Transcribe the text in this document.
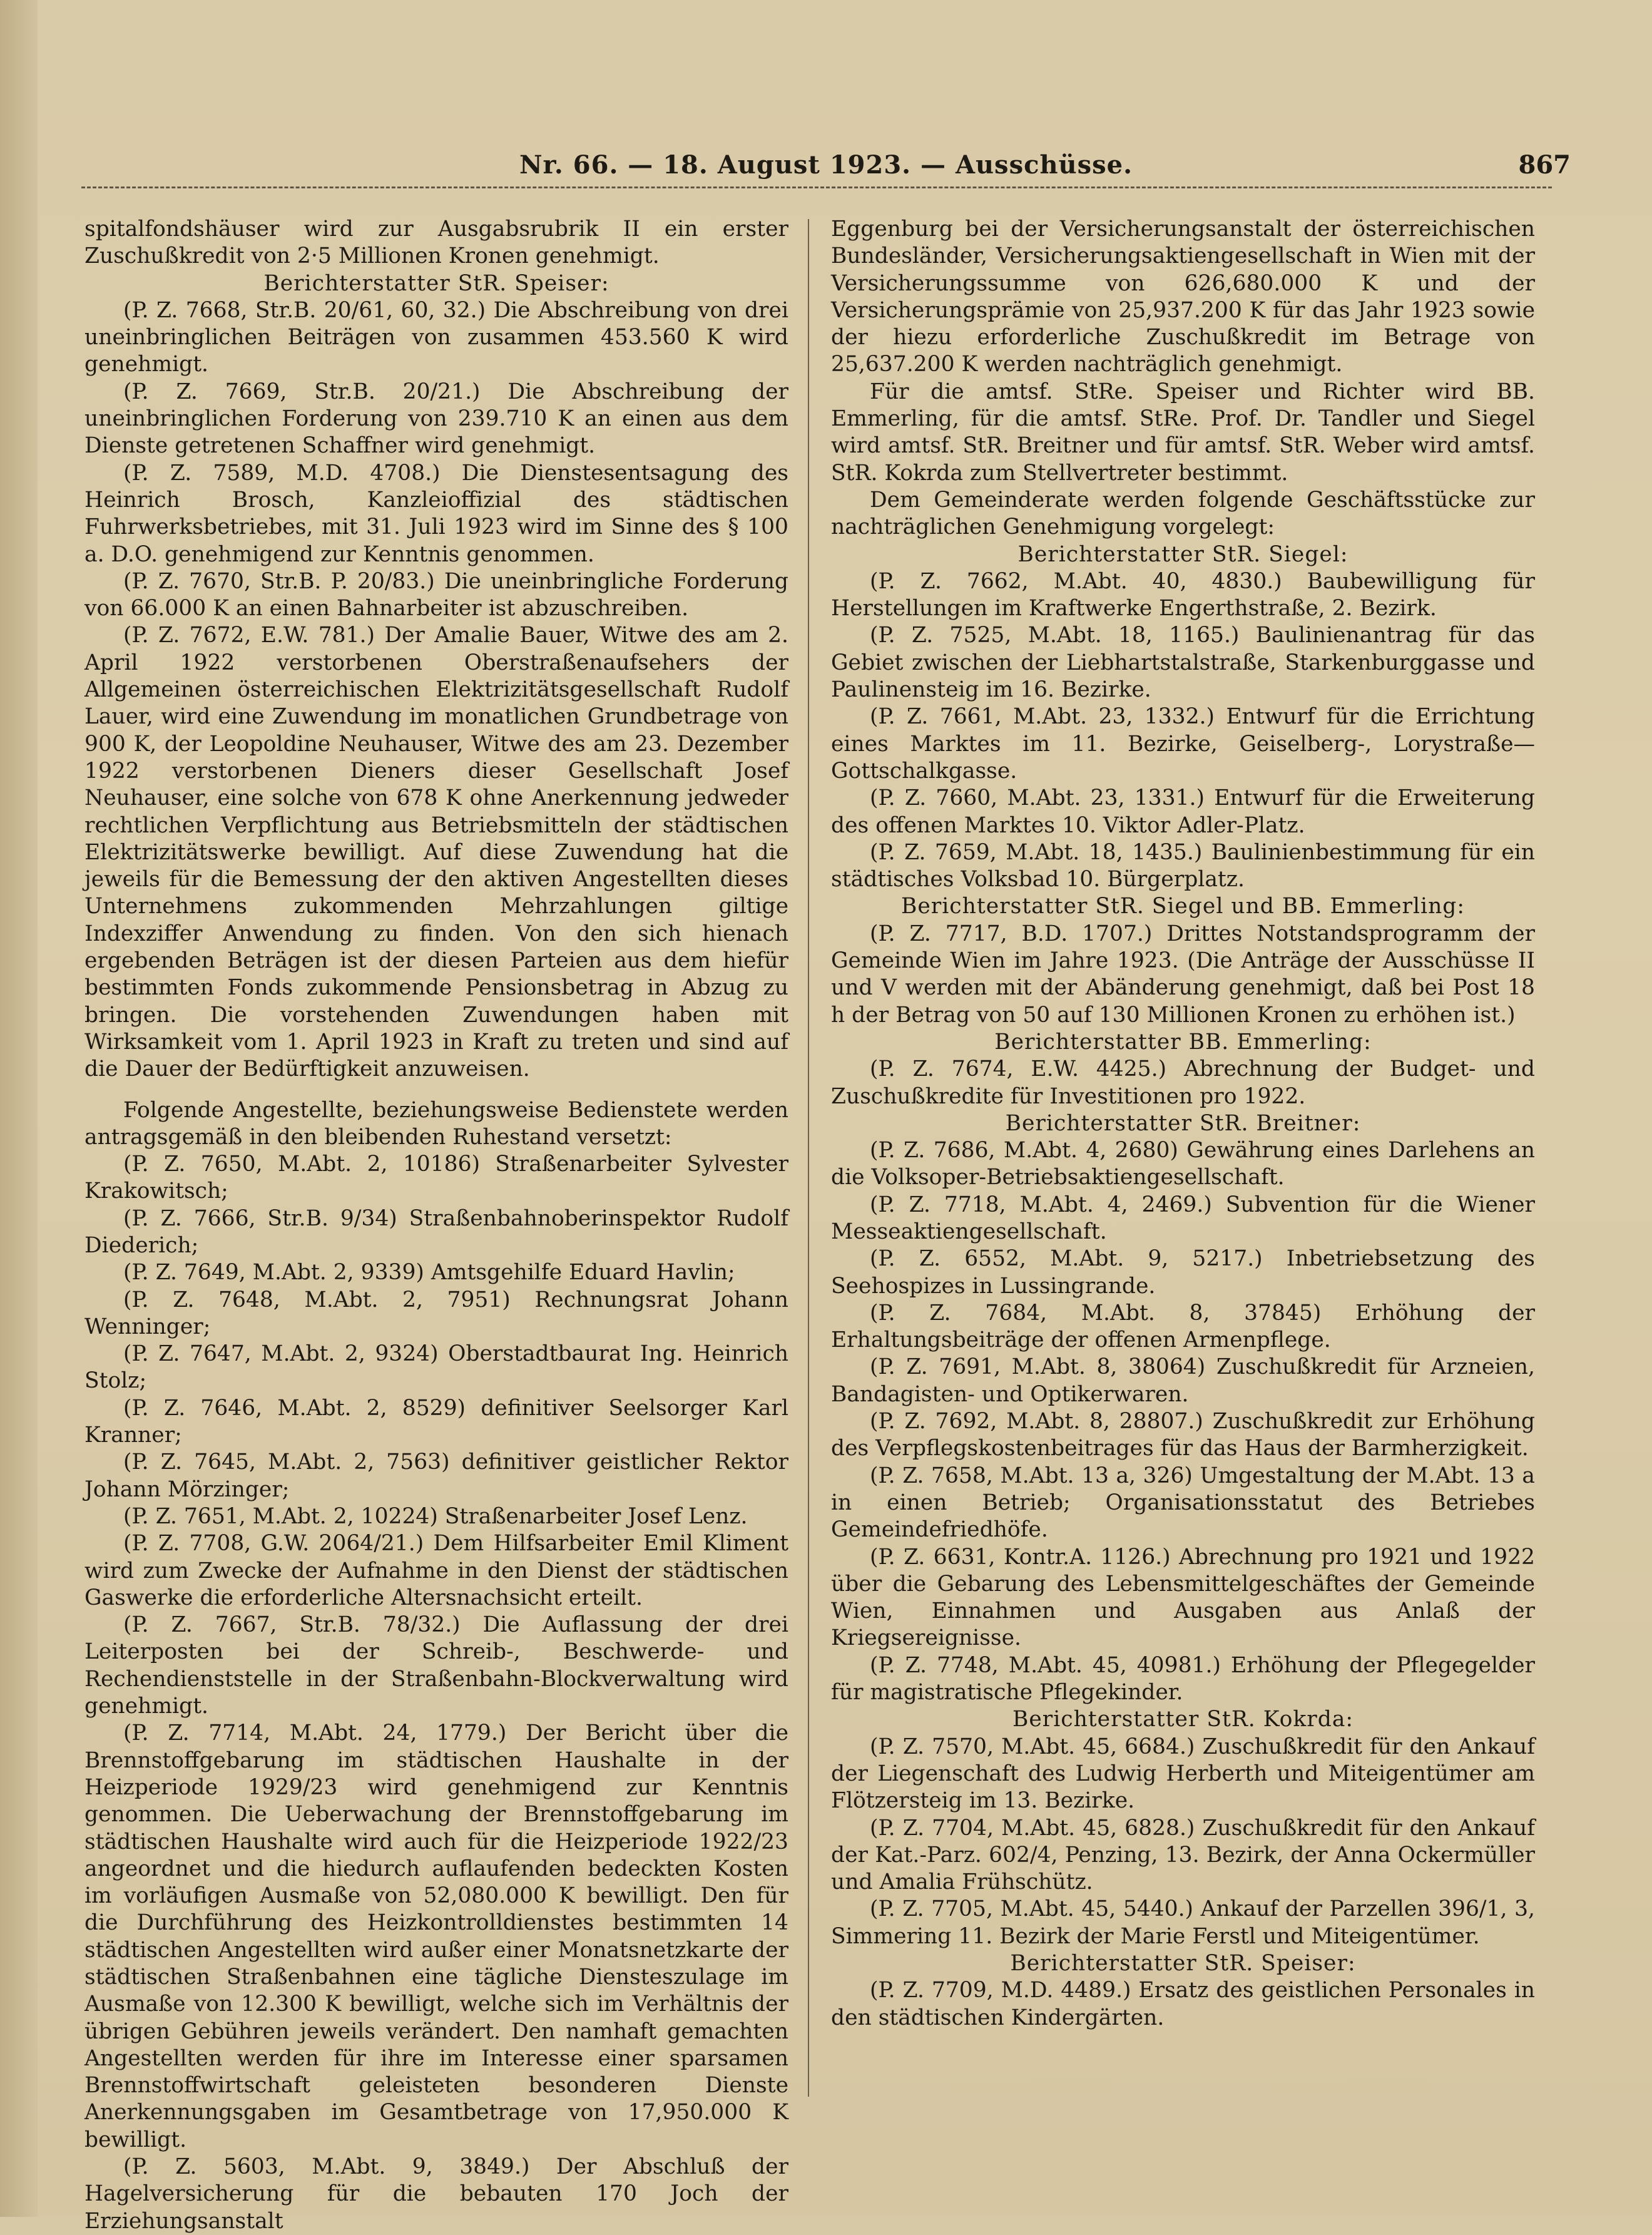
Nr. 66. — 18. August 1923. — Ausschüsse.	867

spitalfondshäuser wird zur Ausgabsrubrik II ein erster Zuschußkredit von 2·5 Millionen Kronen genehmigt.

Berichterstatter StR. Speiser:

(P. Z. 7668, Str.B. 20/61, 60, 32.) Die Abschreibung von drei uneinbringlichen Beiträgen von zusammen 453.560 K wird genehmigt.

(P. Z. 7669, Str.B. 20/21.) Die Abschreibung der uneinbringlichen Forderung von 239.710 K an einen aus dem Dienste getretenen Schaffner wird genehmigt.

(P. Z. 7589, M.D. 4708.) Die Dienstesentsagung des Heinrich Brosch, Kanzleioffizial des städtischen Fuhrwerksbetriebes, mit 31. Juli 1923 wird im Sinne des § 100 a. D.O. genehmigend zur Kenntnis genommen.

(P. Z. 7670, Str.B. P. 20/83.) Die uneinbringliche Forderung von 66.000 K an einen Bahnarbeiter ist abzuschreiben.

(P. Z. 7672, E.W. 781.) Der Amalie Bauer, Witwe des am 2. April 1922 verstorbenen Oberstraßenaufsehers der Allgemeinen österreichischen Elektrizitätsgesellschaft Rudolf Lauer, wird eine Zuwendung im monatlichen Grundbetrage von 900 K, der Leopoldine Neuhauser, Witwe des am 23. Dezember 1922 verstorbenen Dieners dieser Gesellschaft Josef Neuhauser, eine solche von 678 K ohne Anerkennung jedweder rechtlichen Verpflichtung aus Betriebsmitteln der städtischen Elektrizitätswerke bewilligt. Auf diese Zuwendung hat die jeweils für die Bemessung der den aktiven Angestellten dieses Unternehmens zukommenden Mehrzahlungen giltige Indexziffer Anwendung zu finden. Von den sich hienach ergebenden Beträgen ist der diesen Parteien aus dem hiefür bestimmten Fonds zukommende Pensionsbetrag in Abzug zu bringen. Die vorstehenden Zuwendungen haben mit Wirksamkeit vom 1. April 1923 in Kraft zu treten und sind auf die Dauer der Bedürftigkeit anzuweisen.

Folgende Angestellte, beziehungsweise Bedienstete werden antragsgemäß in den bleibenden Ruhestand versetzt:

(P. Z. 7650, M.Abt. 2, 10186) Straßenarbeiter Sylvester Krakowitsch;

(P. Z. 7666, Str.B. 9/34) Straßenbahnoberinspektor Rudolf Diederich;

(P. Z. 7649, M.Abt. 2, 9339) Amtsgehilfe Eduard Havlin;

(P. Z. 7648, M.Abt. 2, 7951) Rechnungsrat Johann Wenninger;

(P. Z. 7647, M.Abt. 2, 9324) Oberstadtbaurat Ing. Heinrich Stolz;

(P. Z. 7646, M.Abt. 2, 8529) definitiver Seelsorger Karl Kranner;

(P. Z. 7645, M.Abt. 2, 7563) definitiver geistlicher Rektor Johann Mörzinger;

(P. Z. 7651, M.Abt. 2, 10224) Straßenarbeiter Josef Lenz.

(P. Z. 7708, G.W. 2064/21.) Dem Hilfsarbeiter Emil Kliment wird zum Zwecke der Aufnahme in den Dienst der städtischen Gaswerke die erforderliche Altersnachsicht erteilt.

(P. Z. 7667, Str.B. 78/32.) Die Auflassung der drei Leiterposten bei der Schreib-, Beschwerde- und Rechendienststelle in der Straßenbahn-Blockverwaltung wird genehmigt.

(P. Z. 7714, M.Abt. 24, 1779.) Der Bericht über die Brennstoffgebarung im städtischen Haushalte in der Heizperiode 1929/23 wird genehmigend zur Kenntnis genommen. Die Ueberwachung der Brennstoffgebarung im städtischen Haushalte wird auch für die Heizperiode 1922/23 angeordnet und die hiedurch auflaufenden bedeckten Kosten im vorläufigen Ausmaße von 52,080.000 K bewilligt. Den für die Durchführung des Heizkontrolldienstes bestimmten 14 städtischen Angestellten wird außer einer Monatsnetzkarte der städtischen Straßenbahnen eine tägliche Diensteszulage im Ausmaße von 12.300 K bewilligt, welche sich im Verhältnis der übrigen Gebühren jeweils verändert. Den namhaft gemachten Angestellten werden für ihre im Interesse einer sparsamen Brennstoffwirtschaft geleisteten besonderen Dienste Anerkennungsgaben im Gesamtbetrage von 17,950.000 K bewilligt.

(P. Z. 5603, M.Abt. 9, 3849.) Der Abschluß der Hagelversicherung für die bebauten 170 Joch der Erziehungsanstalt

Eggenburg bei der Versicherungsanstalt der österreichischen Bundesländer, Versicherungsaktiengesellschaft in Wien mit der Versicherungssumme von 626,680.000 K und der Versicherungsprämie von 25,937.200 K für das Jahr 1923 sowie der hiezu erforderliche Zuschußkredit im Betrage von 25,637.200 K werden nachträglich genehmigt.

Für die amtsf. StRe. Speiser und Richter wird BB. Emmerling, für die amtsf. StRe. Prof. Dr. Tandler und Siegel wird amtsf. StR. Breitner und für amtsf. StR. Weber wird amtsf. StR. Kokrda zum Stellvertreter bestimmt.

Dem Gemeinderate werden folgende Geschäftsstücke zur nachträglichen Genehmigung vorgelegt:

Berichterstatter StR. Siegel:

(P. Z. 7662, M.Abt. 40, 4830.) Baubewilligung für Herstellungen im Kraftwerke Engerthstraße, 2. Bezirk.

(P. Z. 7525, M.Abt. 18, 1165.) Baulinienantrag für das Gebiet zwischen der Liebhartstalstraße, Starkenburggasse und Paulinensteig im 16. Bezirke.

(P. Z. 7661, M.Abt. 23, 1332.) Entwurf für die Errichtung eines Marktes im 11. Bezirke, Geiselberg-, Lorystraße—Gottschalkgasse.

(P. Z. 7660, M.Abt. 23, 1331.) Entwurf für die Erweiterung des offenen Marktes 10. Viktor Adler-Platz.

(P. Z. 7659, M.Abt. 18, 1435.) Baulinienbestimmung für ein städtisches Volksbad 10. Bürgerplatz.

Berichterstatter StR. Siegel und BB. Emmerling:

(P. Z. 7717, B.D. 1707.) Drittes Notstandsprogramm der Gemeinde Wien im Jahre 1923. (Die Anträge der Ausschüsse II und V werden mit der Abänderung genehmigt, daß bei Post 18 h der Betrag von 50 auf 130 Millionen Kronen zu erhöhen ist.)

Berichterstatter BB. Emmerling:

(P. Z. 7674, E.W. 4425.) Abrechnung der Budget- und Zuschußkredite für Investitionen pro 1922.

Berichterstatter StR. Breitner:

(P. Z. 7686, M.Abt. 4, 2680) Gewährung eines Darlehens an die Volksoper-Betriebsaktiengesellschaft.

(P. Z. 7718, M.Abt. 4, 2469.) Subvention für die Wiener Messeaktiengesellschaft.

(P. Z. 6552, M.Abt. 9, 5217.) Inbetriebsetzung des Seehospizes in Lussingrande.

(P. Z. 7684, M.Abt. 8, 37845) Erhöhung der Erhaltungsbeiträge der offenen Armenpflege.

(P. Z. 7691, M.Abt. 8, 38064) Zuschußkredit für Arzneien, Bandagisten- und Optikerwaren.

(P. Z. 7692, M.Abt. 8, 28807.) Zuschußkredit zur Erhöhung des Verpflegskostenbeitrages für das Haus der Barmherzigkeit.

(P. Z. 7658, M.Abt. 13 a, 326) Umgestaltung der M.Abt. 13 a in einen Betrieb; Organisationsstatut des Betriebes Gemeindefriedhöfe.

(P. Z. 6631, Kontr.A. 1126.) Abrechnung pro 1921 und 1922 über die Gebarung des Lebensmittelgeschäftes der Gemeinde Wien, Einnahmen und Ausgaben aus Anlaß der Kriegsereignisse.

(P. Z. 7748, M.Abt. 45, 40981.) Erhöhung der Pflegegelder für magistratische Pflegekinder.

Berichterstatter StR. Kokrda:

(P. Z. 7570, M.Abt. 45, 6684.) Zuschußkredit für den Ankauf der Liegenschaft des Ludwig Herberth und Miteigentümer am Flötzersteig im 13. Bezirke.

(P. Z. 7704, M.Abt. 45, 6828.) Zuschußkredit für den Ankauf der Kat.-Parz. 602/4, Penzing, 13. Bezirk, der Anna Ockermüller und Amalia Frühschütz.

(P. Z. 7705, M.Abt. 45, 5440.) Ankauf der Parzellen 396/1, 3, Simmering 11. Bezirk der Marie Ferstl und Miteigentümer.

Berichterstatter StR. Speiser:

(P. Z. 7709, M.D. 4489.) Ersatz des geistlichen Personales in den städtischen Kindergärten.
